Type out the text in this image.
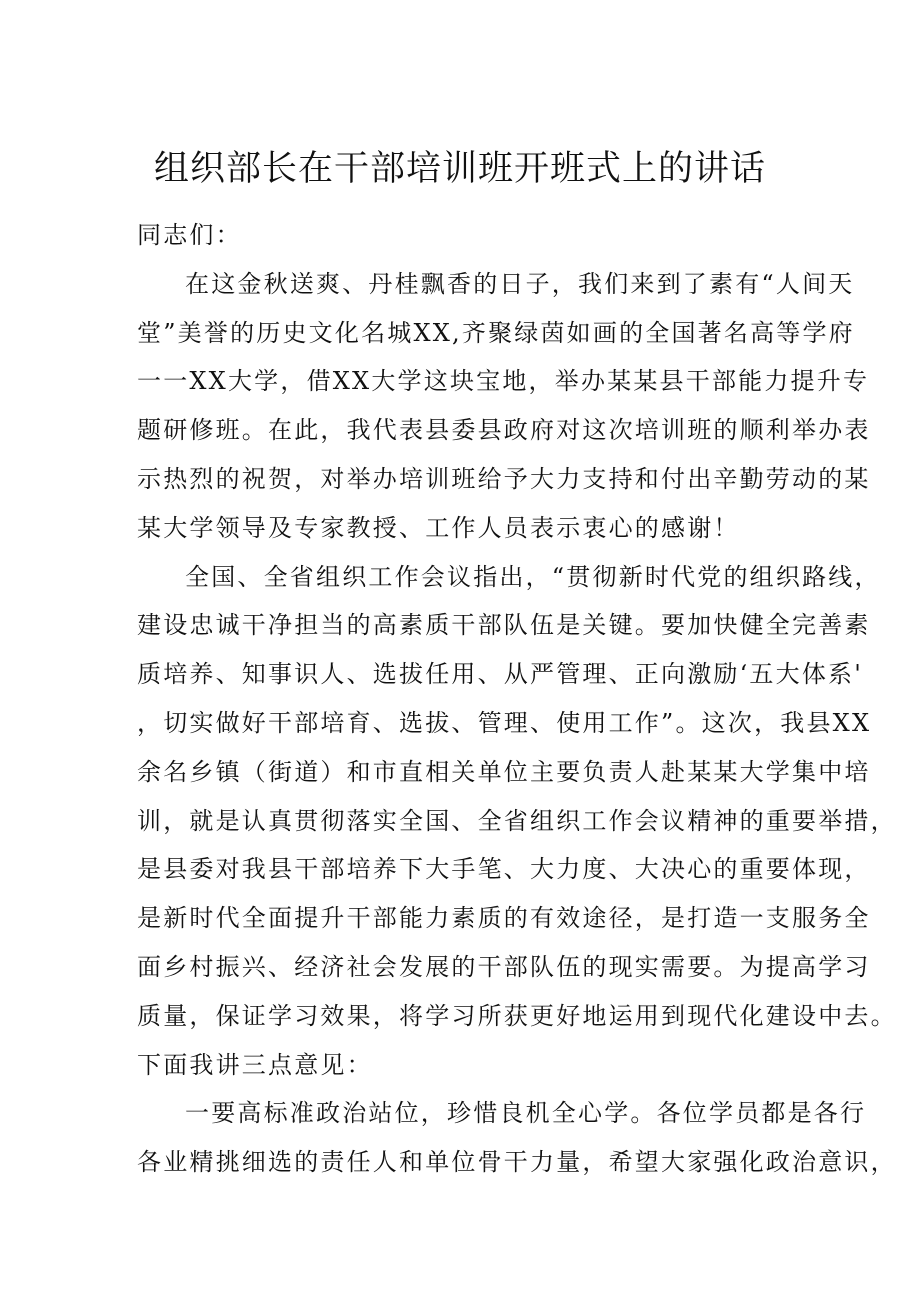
组织部长在干部培训班开班式上的讲话
同志们：
在这金秋送爽、丹桂飘香的日子，我们来到了素有“人间天
堂”美誉的历史文化名城XX,齐聚绿茵如画的全国著名高等学府
一一XX大学，借XX大学这块宝地，举办某某县干部能力提升专
题研修班。在此，我代表县委县政府对这次培训班的顺利举办表
示热烈的祝贺，对举办培训班给予大力支持和付出辛勤劳动的某
某大学领导及专家教授、工作人员表示衷心的感谢！
全国、全省组织工作会议指出，“贯彻新时代党的组织路线，
建设忠诚干净担当的高素质干部队伍是关键。要加快健全完善素
质培养、知事识人、选拔任用、从严管理、正向激励‘五大体系'
，切实做好干部培育、选拔、管理、使用工作”。这次，我县XX
余名乡镇（街道）和市直相关单位主要负责人赴某某大学集中培
训，就是认真贯彻落实全国、全省组织工作会议精神的重要举措，
是县委对我县干部培养下大手笔、大力度、大决心的重要体现，
是新时代全面提升干部能力素质的有效途径，是打造一支服务全
面乡村振兴、经济社会发展的干部队伍的现实需要。为提高学习
质量，保证学习效果，将学习所获更好地运用到现代化建设中去。
下面我讲三点意见：
一要高标准政治站位，珍惜良机全心学。各位学员都是各行
各业精挑细选的责任人和单位骨干力量，希望大家强化政治意识，
